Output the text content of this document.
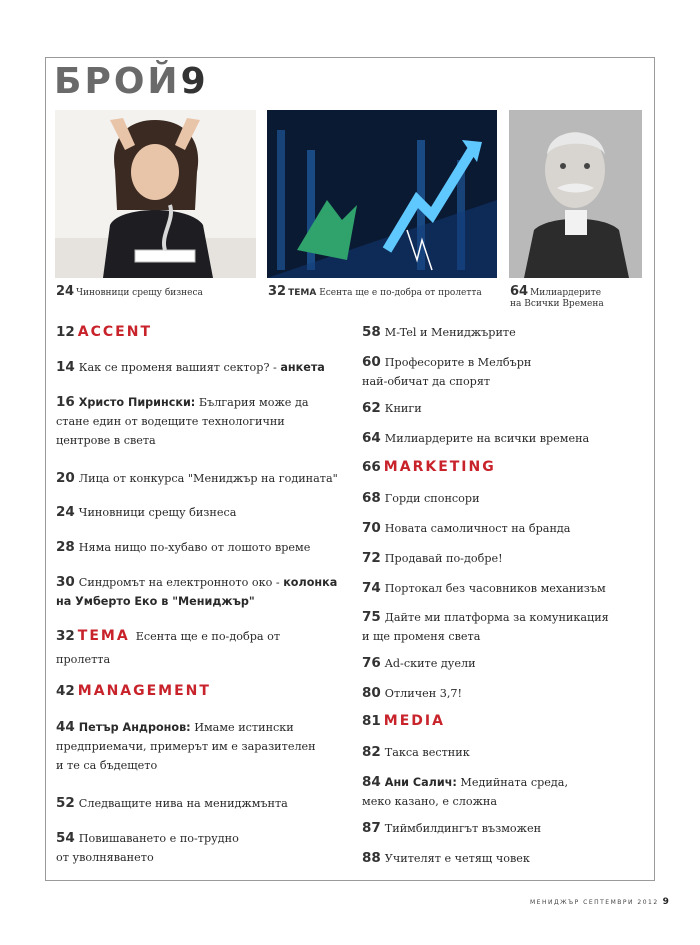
БРОЙ9
24 Чиновници срещу бизнеса	32 ТЕМА Есента ще е по-добра от пролетта 64 Милиардерите
на Всички Времена
12 ACCENT
14 Как се променя вашият сектор? - анкета
16 Христо Пирински: България може да
стане един от водещите технологични
центрове в света
20 Лица от конкурса "Мениджър на годината"
24 Чиновници срещу бизнеса
28 Няма нищо по-хубаво от лошото време
30 Синдромът на електронното око - колонка
на Умберто Еко в "Мениджър"
32 ТЕМА Есента ще е по-добра от
пролетта
42 MANAGEMENT
44 Петър Андронов: Имаме истински
предприемачи, примерът им е заразителен
и те са бъдещето
52 Следващите нива на мениджмънта
54 Повишаването е по-трудно
от уволняването
58 M-Tel и Мениджърите
60 Професорите в Мелбърн
най-обичат да спорят
62 Книги
64 Милиардерите на всички времена
66 MARKETING
68 Горди спонсори
70 Новата самоличност на бранда
72 Продавай по-добре!
74 Портокал без часовников механизъм
75 Дайте ми платформа за комуникация
и ще променя света
76 Ad-ските дуели
80 Отличен 3,7!
81 MEDIA
82 Такса вестник
84 Ани Салич: Медийната среда,
меко казано, е сложна
87 Тиймбилдингът възможен
88 Учителят е четящ човек
МЕНИДЖЪР СЕПТЕМВРИ 2012 9
